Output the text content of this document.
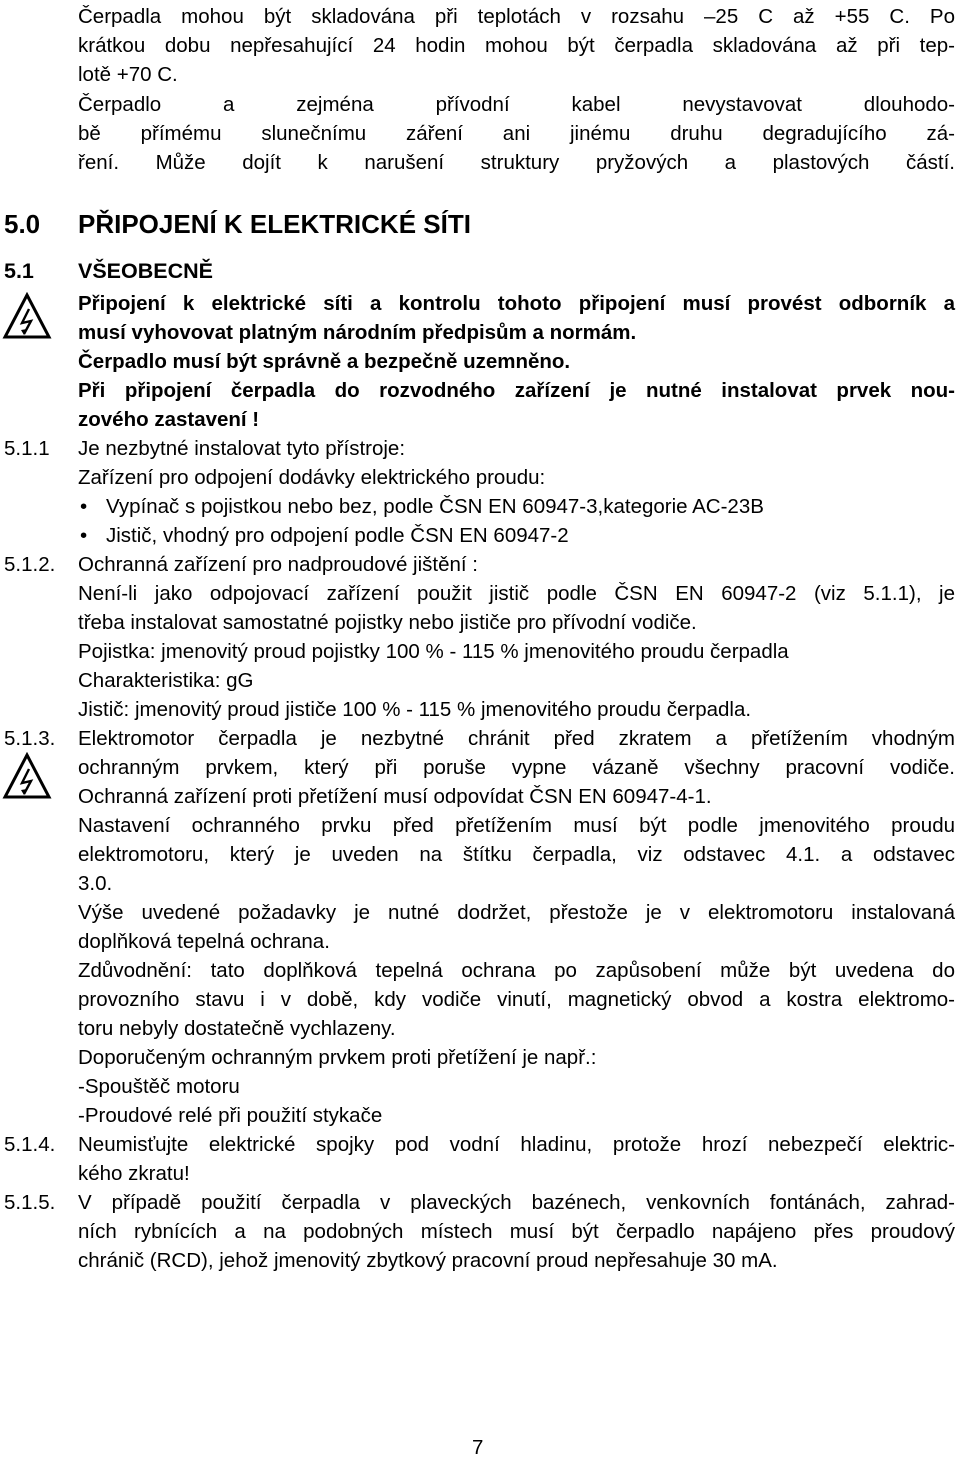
Čerpadla mohou být skladována při teplotách v rozsahu –25 C až +55 C. Po

krátkou dobu nepřesahující 24 hodin mohou být čerpadla skladována až při tep-

lotě +70 C.

Čerpadlo a zejména přívodní kabel nevystavovat dlouhodo-

bě přímému slunečnímu záření ani jinému druhu degradujícího zá-

ření. Může dojít k narušení struktury pryžových a plastových částí.

5.0 PŘIPOJENÍ K ELEKTRICKÉ SÍTI

5.1 VŠEOBECNĚ

Připojení k elektrické síti a kontrolu tohoto připojení musí provést odborník a

musí vyhovovat platným národním předpisům a normám.

Čerpadlo musí být správně a bezpečně uzemněno.

Při připojení čerpadla do rozvodného zařízení je nutné instalovat prvek nou-

zového zastavení !

5.1.1 Je nezbytné instalovat tyto přístroje:

Zařízení pro odpojení dodávky elektrického proudu:

• Vypínač s pojistkou nebo bez, podle ČSN EN 60947-3,kategorie AC-23B

• Jistič, vhodný pro odpojení podle ČSN EN 60947-2

5.1.2. Ochranná zařízení pro nadproudové jištění :

Není-li jako odpojovací zařízení použit jistič podle ČSN EN 60947-2 (viz 5.1.1), je

třeba instalovat samostatné pojistky nebo jističe pro přívodní vodiče.

Pojistka: jmenovitý proud pojistky 100 % - 115 % jmenovitého proudu čerpadla

Charakteristika: gG

Jistič: jmenovitý proud jističe 100 % - 115 % jmenovitého proudu čerpadla.

5.1.3. Elektromotor čerpadla je nezbytné chránit před zkratem a přetížením vhodným

ochranným prvkem, který při poruše vypne vázaně všechny pracovní vodiče.

Ochranná zařízení proti přetížení musí odpovídat ČSN EN 60947-4-1.

Nastavení ochranného prvku před přetížením musí být podle jmenovitého proudu

elektromotoru, který je uveden na štítku čerpadla, viz odstavec 4.1. a odstavec

3.0.

Výše uvedené požadavky je nutné dodržet, přestože je v elektromotoru instalovaná

doplňková tepelná ochrana.

Zdůvodnění: tato doplňková tepelná ochrana po zapůsobení může být uvedena do

provozního stavu i v době, kdy vodiče vinutí, magnetický obvod a kostra elektromo-

toru nebyly dostatečně vychlazeny.

Doporučeným ochranným prvkem proti přetížení je např.:

-Spouštěč motoru

-Proudové relé při použití stykače

5.1.4. Neumisťujte elektrické spojky pod vodní hladinu, protože hrozí nebezpečí elektric-

kého zkratu!

5.1.5. V případě použití čerpadla v plaveckých bazénech, venkovních fontánách, zahrad-

ních rybnících a na podobných místech musí být čerpadlo napájeno přes proudový

chránič (RCD), jehož jmenovitý zbytkový pracovní proud nepřesahuje 30 mA.

7
